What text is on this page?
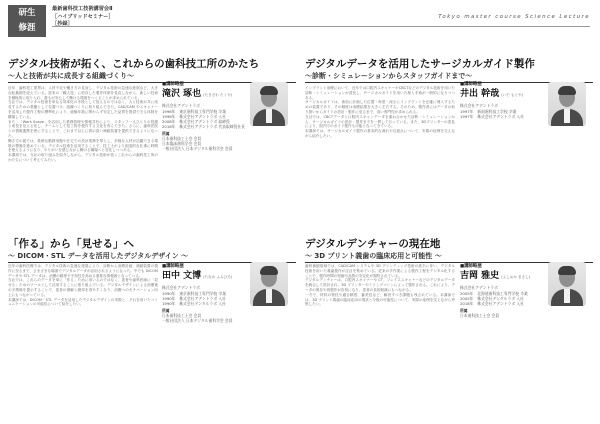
研生
修涯
最新歯科技工技術講習会Ⅱ
［ハイブリッドセミナー］
［抄録］
Tokyo master course Science Lecture
デジタル技術が拓く、これからの歯科技工所のかたち
〜人と技術が共に成長する組織づくり〜

近年、歯科技工業界は、人材不足や働き方の見直し、デジタル技術の急速な進展など、大きな転換期を迎えている。従来の「職人技」に依存した製作体制を見直しながら、新しい技術を積極的に取り入れ、誰もが安心して働ける環境をつくることが求められている。

当社では、デジタル技術を単なる効率化の手段として捉えるのではなく、人と技術が共に成長するための基盤として位置づけ、組織づくりに取り組んできた。CAD/CAM やスキャナーを活用した製作工程の標準化により、経験年数に関わらず安定した品質を提供できる体制を構築している。

また、「Work Scape」を活用した業務管理や情報共有により、スタッフ一人ひとりの役割と成長を見える化し、チームとして技工物を製作する文化を育んできた。さらに、歯科医院との情報連携を密にすることで、これまで以上に質の高い補綴装置を提供できるようになった。

働き方の面では、柔軟な勤務形態や在宅での設計業務を導入し、多様な人材が活躍できる環境の整備を進めている。デジタル技術を活用することで、技工士がより創造的な仕事に時間を使えるようになり、やりがいを感じながら働ける職場へと変化しつつある。

本講演では、当社の取り組みを紹介しながら、デジタル技術が拓くこれからの歯科技工所のかたちについて考えてみたい。

■講師略歴
滝沢 琢也 (たきざわ たくや)
株式会社アデントラボ
1996年　東京歯科技工専門学校 卒業
1996年　株式会社アデントラボ 入社
2008年　株式会社アデントラボ 取締役
2016年　株式会社アデントラボ 代表取締役社長
所属
日本歯科技工士会 会員
日本臨床歯科学会 会員
一般社団法人 日本デジタル歯科学会 会員
デジタルデータを活用したサージカルガイド製作
〜診断・シミュレーションからスタッフガイドまで〜

インプラント治療において、近年では口腔内スキャナーやCBCTなどのデジタル技術を用いた診断・シミュレーションが普及し、サージカルガイドを用いた埋入手術が一般的になりつつある。

サージカルガイドは、術前に計画した位置・角度・深さにインプラントを正確に埋入するための装置であり、その精度は治療結果を大きく左右する。そのため、製作者にはデータの取り扱いからガイドの設計・製作に至るまで、高い専門性が求められる。

当社では、CBCTデータと口腔内スキャンデータを重ね合わせた診断・シミュレーションから、サージカルガイドの設計・製作までを一貫して行っている。また、3Dプリンターの普及により、院内でのガイド製作も可能となってきている。

本講演では、サージカルガイド製作の基本的な流れや注意点について、実際の症例を交えながら紹介したい。

■講師略歴
井出 幹哉 (いで もとや)
株式会社アデントラボ
1997年　新潟歯科技工学校 卒業
1997年　株式会社アデントラボ 入社
「作る」から「見せる」へ
〜 DICOM・STL データを活用したデジタルデザイン 〜

近年の歯科医療では、デジタル技術の急速な発展により、診断から治療計画、補綴装置の製作に至るまで、さまざまな場面でデジタルデータが活用されるようになった。中でも DICOM データや STL データは、治療の精度や予知性を高める重要な情報源となっている。

当社では、これらのデータを単に「作る」ために用いるのではなく、患者や歯科医師に「見せる」ためのツールとして活用することに取り組んでいる。デジタルデザインによる治療後の予測像を提示することで、患者の理解と納得を得やすくなり、治療へのモチベーション向上にもつながっている。

本講演では、DICOM・STL データを活用したデジタルデザインの実際と、それを用いたコミュニケーションの可能性について紹介したい。

■講師略歴
田中 文博 (たなか ふみひろ)
株式会社アデントラボ
1990年　東京歯科技工専門学校 卒業
1990年　株式会社アデントラボ 入社
1990年　株式会社デンタルラボ 入社
所属
日本歯科技工士会 会員
一般社団法人 日本デジタル歯科学会 会員
デジタルデンチャーの現在地
〜 3D プリント義歯の臨床応用と可能性 〜

歯科補綴領域では、CAD/CAM システムや 3D プリンティング技術の進歩に伴い、デジタル技術を用いた義歯製作が注目を集めている。従来の手作業による製作工程をデジタル化することで、製作時間の短縮や品質の安定化が期待されている。

デジタルデンチャーは、口腔内スキャナーや CT、フェイススキャナーなどのデジタルデータを統合して設計され、3D プリンターやミリングマシンによって製作される。これにより、データの保存や再製作が容易になり、患者の負担軽減にもつながる。

一方で、材料の物性や適合精度、審美性など、解決すべき課題も残されている。本講演では、3D プリント義歯の臨床応用の現状と今後の可能性について、実際の症例を交えながら考察したい。

■講師略歴
吉岡 雅史 (よしおか まさし)
株式会社アデントラボ
2005年　北海道歯科技工専門学校 卒業
2005年　株式会社デンタルラボ 入社
2018年　株式会社アデントラボ 入社
所属
日本歯科技工士会 会員
